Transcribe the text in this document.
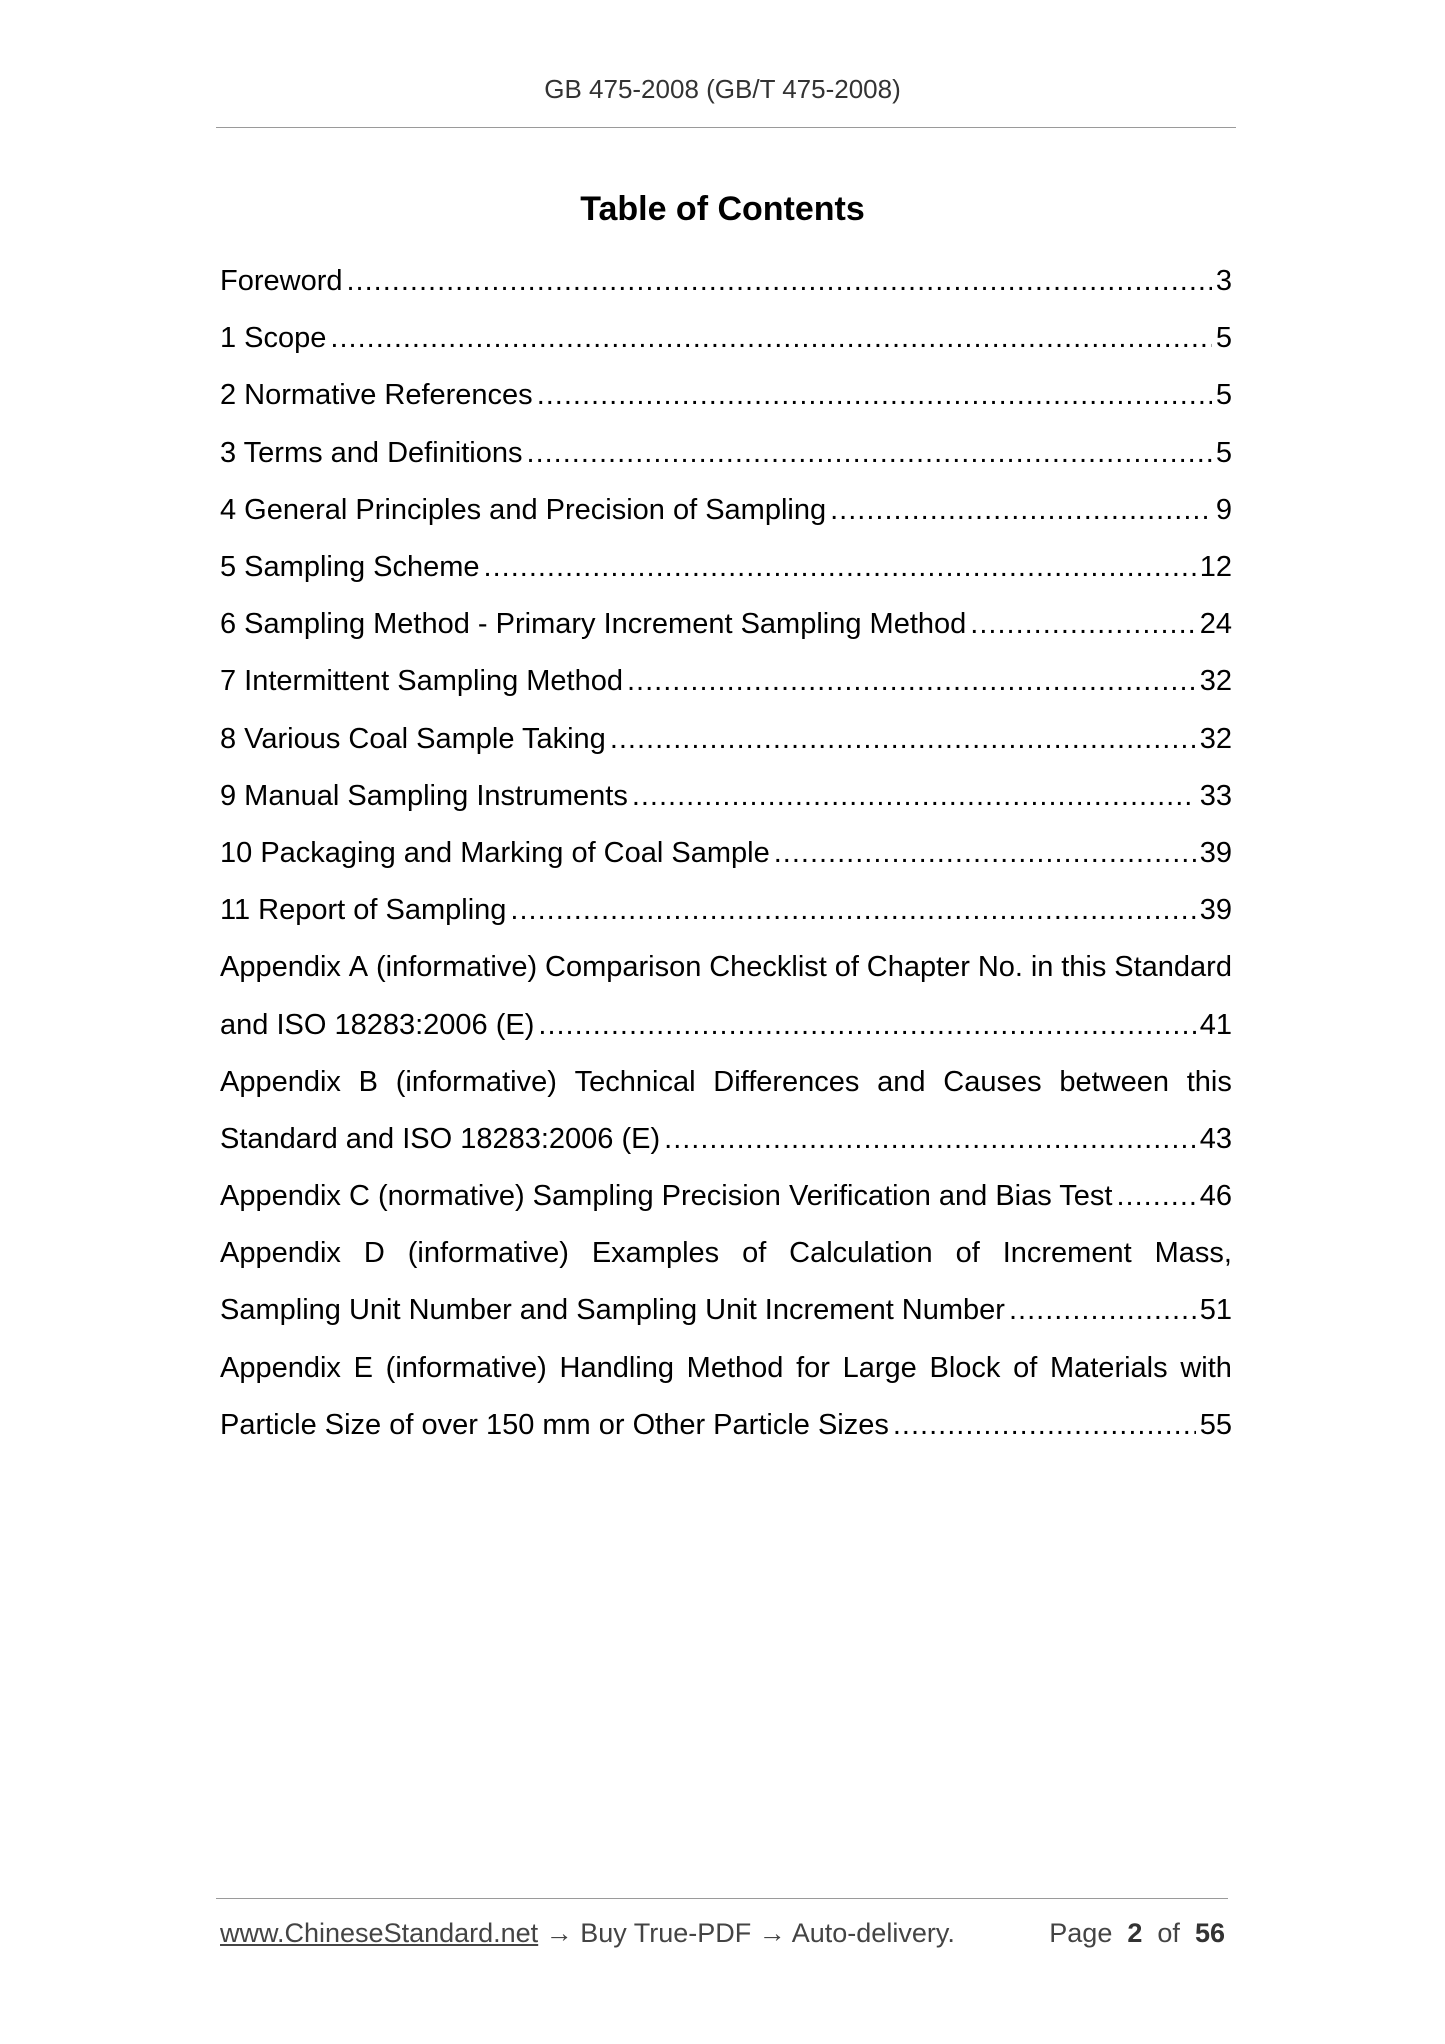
GB 475-2008 (GB/T 475-2008)
Table of Contents
Foreword .....	3
1 Scope .....	5
2 Normative References .....	5
3 Terms and Definitions .....	5
4 General Principles and Precision of Sampling .....	9
5 Sampling Scheme .....	12
6 Sampling Method - Primary Increment Sampling Method .....	24
7 Intermittent Sampling Method .....	32
8 Various Coal Sample Taking .....	32
9 Manual Sampling Instruments .....	33
10 Packaging and Marking of Coal Sample .....	39
11 Report of Sampling .....	39
Appendix A (informative) Comparison Checklist of Chapter No. in this Standard
and ISO 18283:2006 (E) .....	41
Appendix B (informative) Technical Differences and Causes between this
Standard and ISO 18283:2006 (E) .....	43
Appendix C (normative) Sampling Precision Verification and Bias Test .....	46
Appendix D (informative) Examples of Calculation of Increment Mass,
Sampling Unit Number and Sampling Unit Increment Number .....	51
Appendix E (informative) Handling Method for Large Block of Materials with
Particle Size of over 150 mm or Other Particle Sizes .....	55
www.ChineseStandard.net → Buy True-PDF → Auto-delivery.	Page 2 of 56
